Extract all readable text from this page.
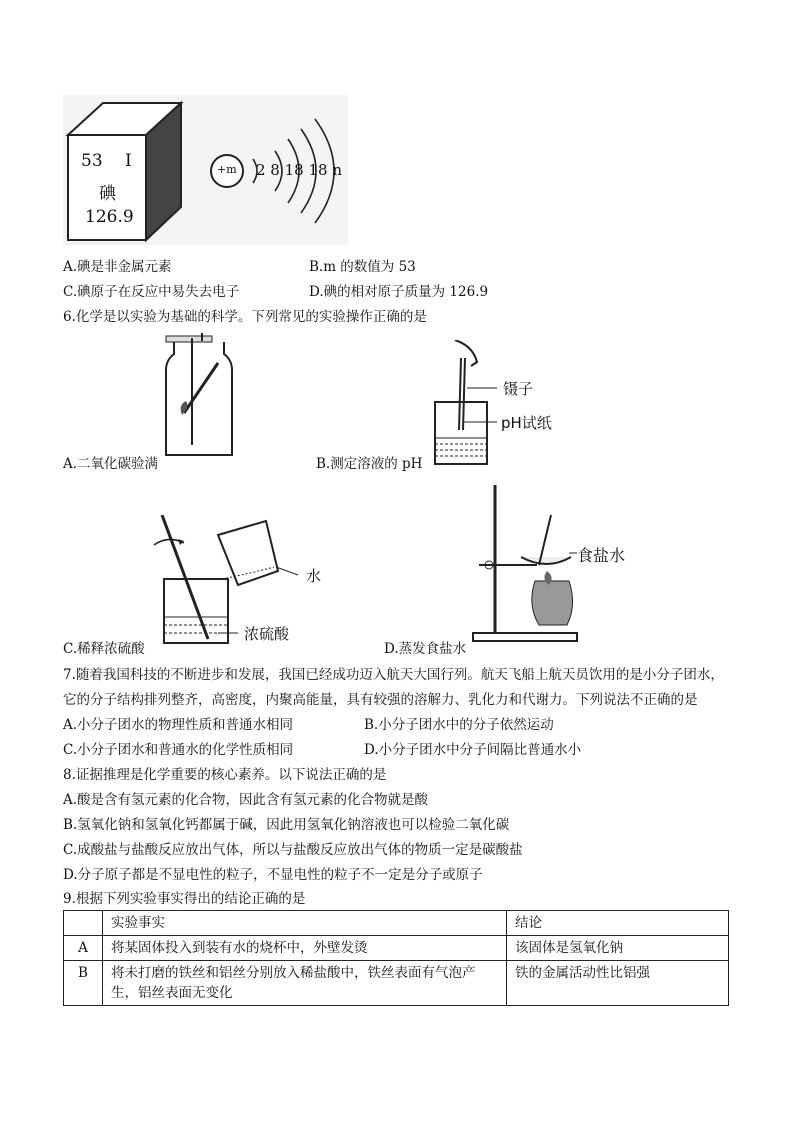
53 I
碘
126.9
+m 2 8 18 18 n
A.碘是非金属元素	B.m 的数值为 53
C.碘原子在反应中易失去电子	D.碘的相对原子质量为 126.9
6.化学是以实验为基础的科学。下列常见的实验操作正确的是
A.二氧化碳验满
镊子
pH试纸
B.测定溶液的 pH
水
浓硫酸
C.稀释浓硫酸
食盐水
D.蒸发食盐水
7.随着我国科技的不断进步和发展，我国已经成功迈入航天大国行列。航天飞船上航天员饮用的是小分子团水，
它的分子结构排列整齐，高密度，内聚高能量，具有较强的溶解力、乳化力和代谢力。下列说法不正确的是
A.小分子团水的物理性质和普通水相同	B.小分子团水中的分子依然运动
C.小分子团水和普通水的化学性质相同	D.小分子团水中分子间隔比普通水小
8.证据推理是化学重要的核心素养。以下说法正确的是
A.酸是含有氢元素的化合物，因此含有氢元素的化合物就是酸
B.氢氧化钠和氢氧化钙都属于碱，因此用氢氧化钠溶液也可以检验二氧化碳
C.成酸盐与盐酸反应放出气体，所以与盐酸反应放出气体的物质一定是碳酸盐
D.分子原子都是不显电性的粒子，不显电性的粒子不一定是分子或原子
9.根据下列实验事实得出的结论正确的是
	实验事实	结论
A	将某固体投入到装有水的烧杯中，外壁发烫	该固体是氢氧化钠
B	将未打磨的铁丝和铝丝分别放入稀盐酸中，铁丝表面有气泡产生，铝丝表面无变化	铁的金属活动性比铝强
